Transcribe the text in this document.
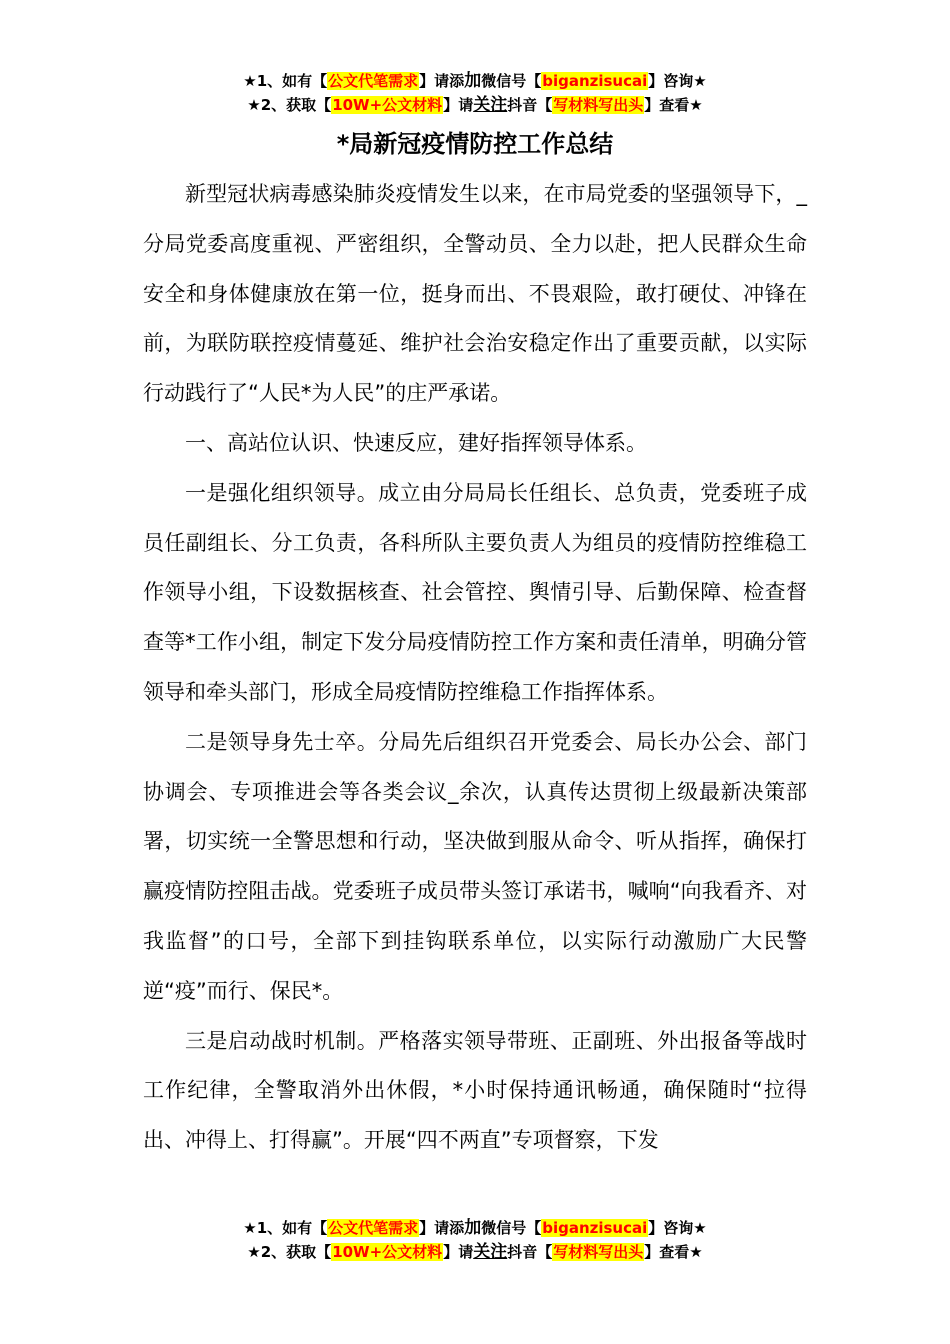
★1、如有【公文代笔需求】请添加微信号【biganzisucai】咨询★
★2、获取【10W+公文材料】请关注抖音【写材料写出头】查看★
*局新冠疫情防控工作总结

新型冠状病毒感染肺炎疫情发生以来，在市局党委的坚强领导下，_分局党委高度重视、严密组织，全警动员、全力以赴，把人民群众生命安全和身体健康放在第一位，挺身而出、不畏艰险，敢打硬仗、冲锋在前，为联防联控疫情蔓延、维护社会治安稳定作出了重要贡献，以实际行动践行了“人民*为人民”的庄严承诺。

一、高站位认识、快速反应，建好指挥领导体系。

一是强化组织领导。成立由分局局长任组长、总负责，党委班子成员任副组长、分工负责，各科所队主要负责人为组员的疫情防控维稳工作领导小组，下设数据核查、社会管控、舆情引导、后勤保障、检查督查等*工作小组，制定下发分局疫情防控工作方案和责任清单，明确分管领导和牵头部门，形成全局疫情防控维稳工作指挥体系。

二是领导身先士卒。分局先后组织召开党委会、局长办公会、部门协调会、专项推进会等各类会议_余次，认真传达贯彻上级最新决策部署，切实统一全警思想和行动，坚决做到服从命令、听从指挥，确保打赢疫情防控阻击战。党委班子成员带头签订承诺书，喊响“向我看齐、对我监督”的口号，全部下到挂钩联系单位，以实际行动激励广大民警逆“疫”而行、保民*。

三是启动战时机制。严格落实领导带班、正副班、外出报备等战时工作纪律，全警取消外出休假，*小时保持通讯畅通，确保随时“拉得出、冲得上、打得赢”。开展“四不两直”专项督察，下发

★1、如有【公文代笔需求】请添加微信号【biganzisucai】咨询★
★2、获取【10W+公文材料】请关注抖音【写材料写出头】查看★
